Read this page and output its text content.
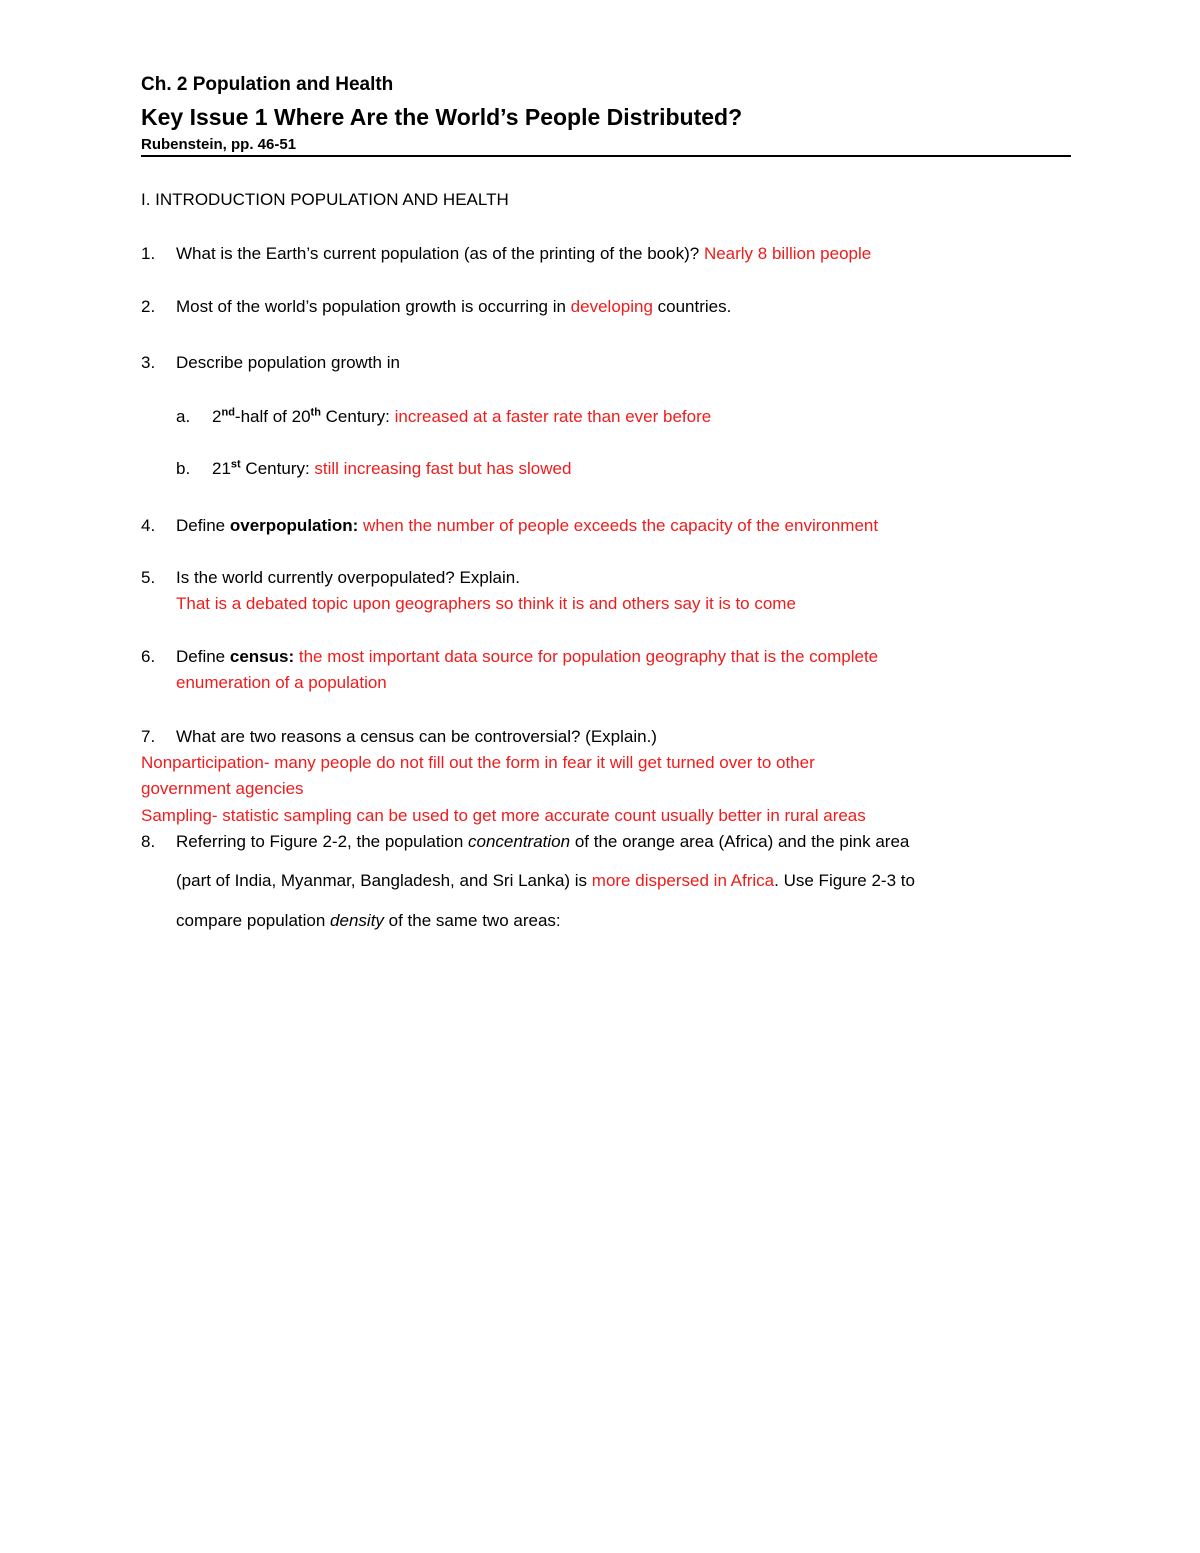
Ch. 2 Population and Health
Key Issue 1 Where Are the World’s People Distributed?
Rubenstein, pp. 46-51
I. INTRODUCTION POPULATION AND HEALTH
1. What is the Earth’s current population (as of the printing of the book)? Nearly 8 billion people
2. Most of the world’s population growth is occurring in developing countries.
3. Describe population growth in
a. 2nd-half of 20th Century: increased at a faster rate than ever before
b. 21st Century: still increasing fast but has slowed
4. Define overpopulation: when the number of people exceeds the capacity of the environment
5. Is the world currently overpopulated? Explain.
That is a debated topic upon geographers so think it is and others say it is to come
6. Define census: the most important data source for population geography that is the complete
enumeration of a population
7. What are two reasons a census can be controversial? (Explain.)
Nonparticipation- many people do not fill out the form in fear it will get turned over to other
government agencies
Sampling- statistic sampling can be used to get more accurate count usually better in rural areas
8. Referring to Figure 2-2, the population concentration of the orange area (Africa) and the pink area
(part of India, Myanmar, Bangladesh, and Sri Lanka) is more dispersed in Africa. Use Figure 2-3 to
compare population density of the same two areas:
